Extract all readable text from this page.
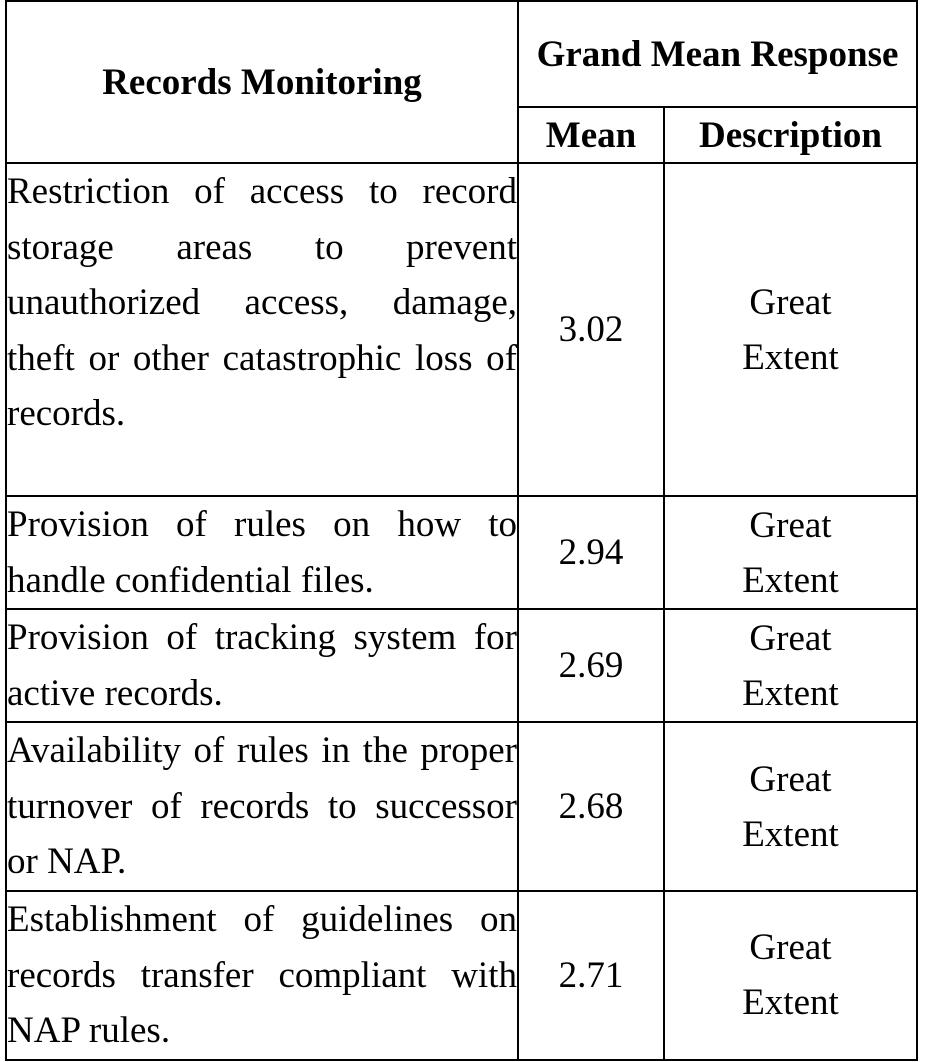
Records Monitoring	Grand Mean Response	
	Mean	Description
Restriction of access to record storage areas to prevent unauthorized access, damage, theft or other catastrophic loss of records.	3.02	Great Extent

Provision of rules on how to handle confidential files.	2.94	Great Extent

Provision of tracking system for active records.	2.69	Great Extent

Availability of rules in the proper turnover of records to successor or NAP.	2.68	Great Extent

Establishment of guidelines on records transfer compliant with NAP rules.	2.71	Great Extent
